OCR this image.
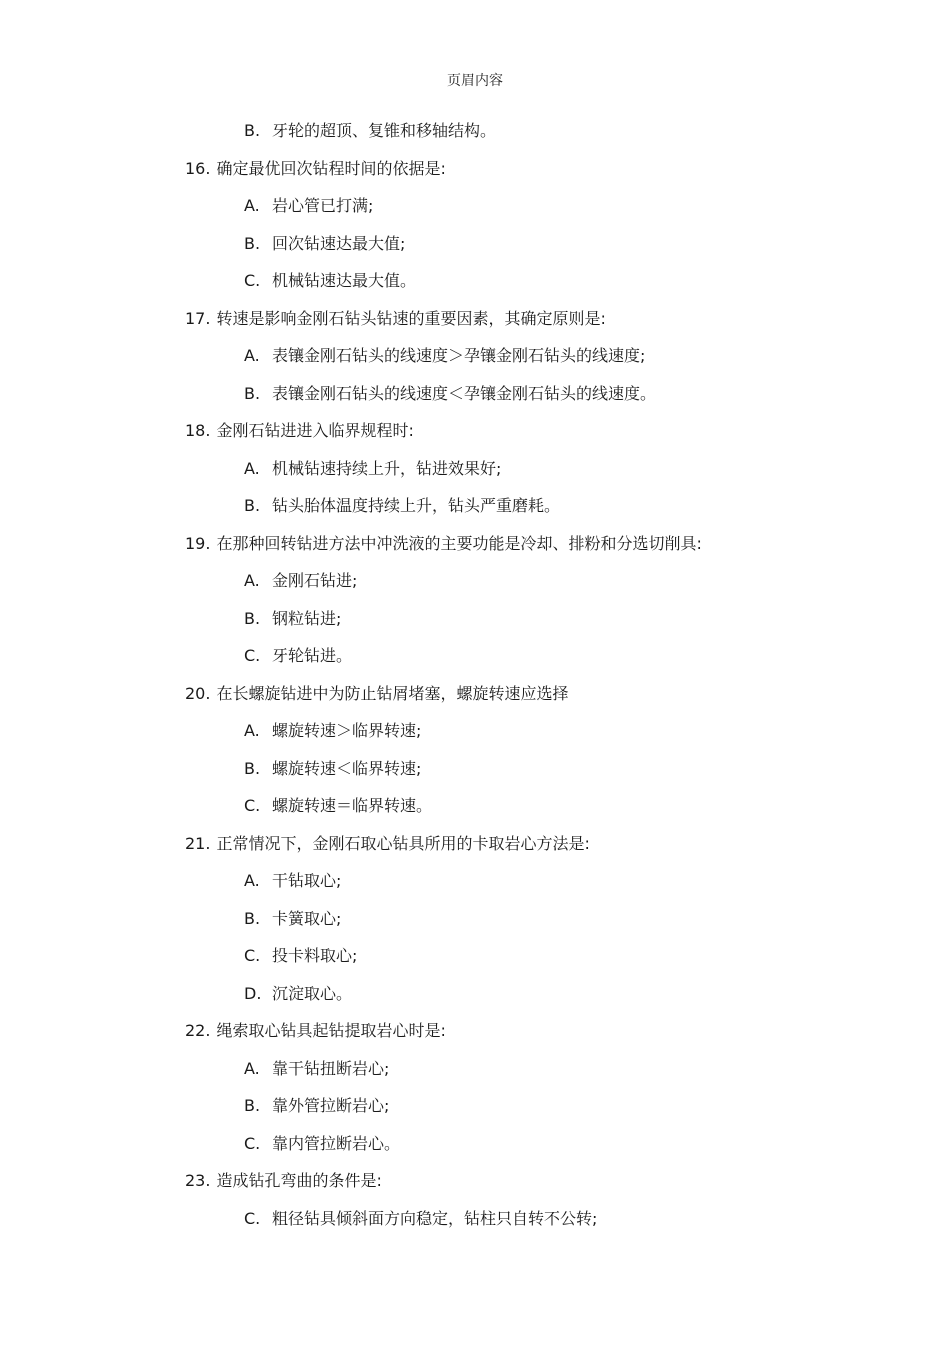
页眉内容
B. 牙轮的超顶、复锥和移轴结构。
16. 确定最优回次钻程时间的依据是:
A. 岩心管已打满;
B. 回次钻速达最大值;
C. 机械钻速达最大值。
17. 转速是影响金刚石钻头钻速的重要因素，其确定原则是:
A. 表镶金刚石钻头的线速度＞孕镶金刚石钻头的线速度;
B. 表镶金刚石钻头的线速度＜孕镶金刚石钻头的线速度。
18. 金刚石钻进进入临界规程时:
A. 机械钻速持续上升，钻进效果好;
B. 钻头胎体温度持续上升，钻头严重磨耗。
19. 在那种回转钻进方法中冲洗液的主要功能是冷却、排粉和分选切削具:
A. 金刚石钻进;
B. 钢粒钻进;
C. 牙轮钻进。
20. 在长螺旋钻进中为防止钻屑堵塞，螺旋转速应选择
A. 螺旋转速＞临界转速;
B. 螺旋转速＜临界转速;
C. 螺旋转速＝临界转速。
21. 正常情况下，金刚石取心钻具所用的卡取岩心方法是:
A. 干钻取心;
B. 卡簧取心;
C. 投卡料取心;
D. 沉淀取心。
22. 绳索取心钻具起钻提取岩心时是:
A. 靠干钻扭断岩心;
B. 靠外管拉断岩心;
C. 靠内管拉断岩心。
23. 造成钻孔弯曲的条件是:
C. 粗径钻具倾斜面方向稳定，钻柱只自转不公转;
